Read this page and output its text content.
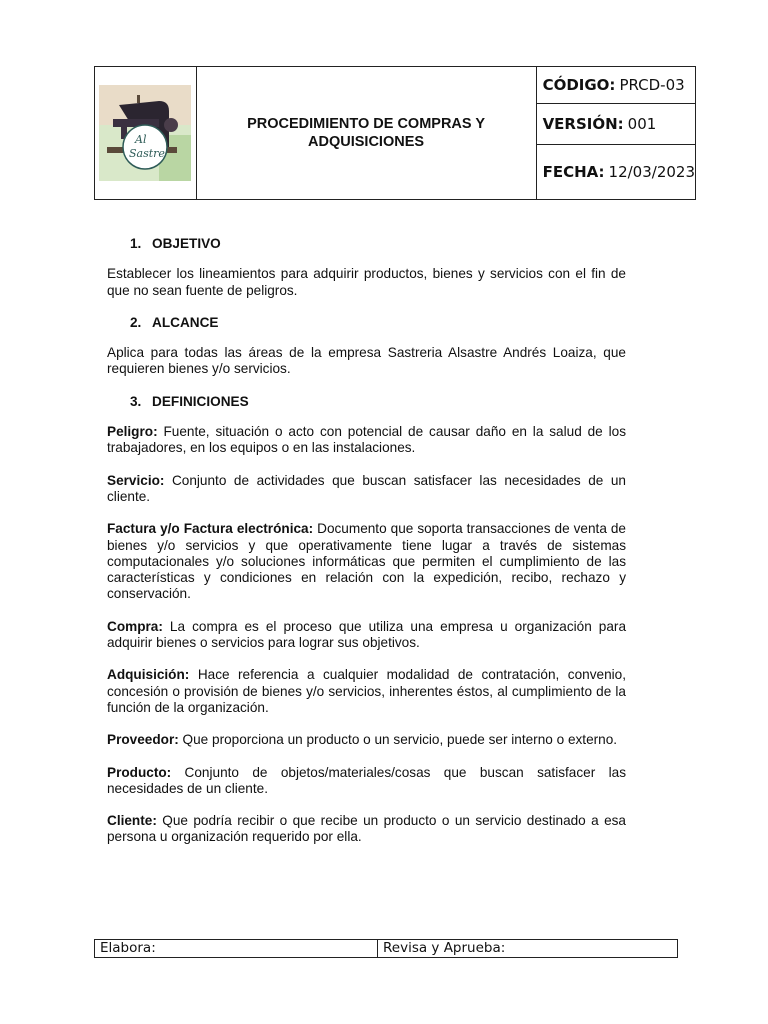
Al
Sastre
PROCEDIMIENTO DE COMPRAS Y ADQUISICIONES
CÓDIGO: PRCD-03
VERSIÓN: 001
FECHA: 12/03/2023
1. OBJETIVO

Establecer los lineamientos para adquirir productos, bienes y servicios con el fin de que no sean fuente de peligros.

2. ALCANCE

Aplica para todas las áreas de la empresa Sastreria Alsastre Andrés Loaiza, que requieren bienes y/o servicios.

3. DEFINICIONES

Peligro: Fuente, situación o acto con potencial de causar daño en la salud de los trabajadores, en los equipos o en las instalaciones.

Servicio: Conjunto de actividades que buscan satisfacer las necesidades de un cliente.

Factura y/o Factura electrónica: Documento que soporta transacciones de venta de bienes y/o servicios y que operativamente tiene lugar a través de sistemas computacionales y/o soluciones informáticas que permiten el cumplimiento de las características y condiciones en relación con la expedición, recibo, rechazo y conservación.

Compra: La compra es el proceso que utiliza una empresa u organización para adquirir bienes o servicios para lograr sus objetivos.

Adquisición: Hace referencia a cualquier modalidad de contratación, convenio, concesión o provisión de bienes y/o servicios, inherentes éstos, al cumplimiento de la función de la organización.

Proveedor: Que proporciona un producto o un servicio, puede ser interno o externo.

Producto: Conjunto de objetos/materiales/cosas que buscan satisfacer las necesidades de un cliente.

Cliente: Que podría recibir o que recibe un producto o un servicio destinado a esa persona u organización requerido por ella.

Elabora:	Revisa y Aprueba:
